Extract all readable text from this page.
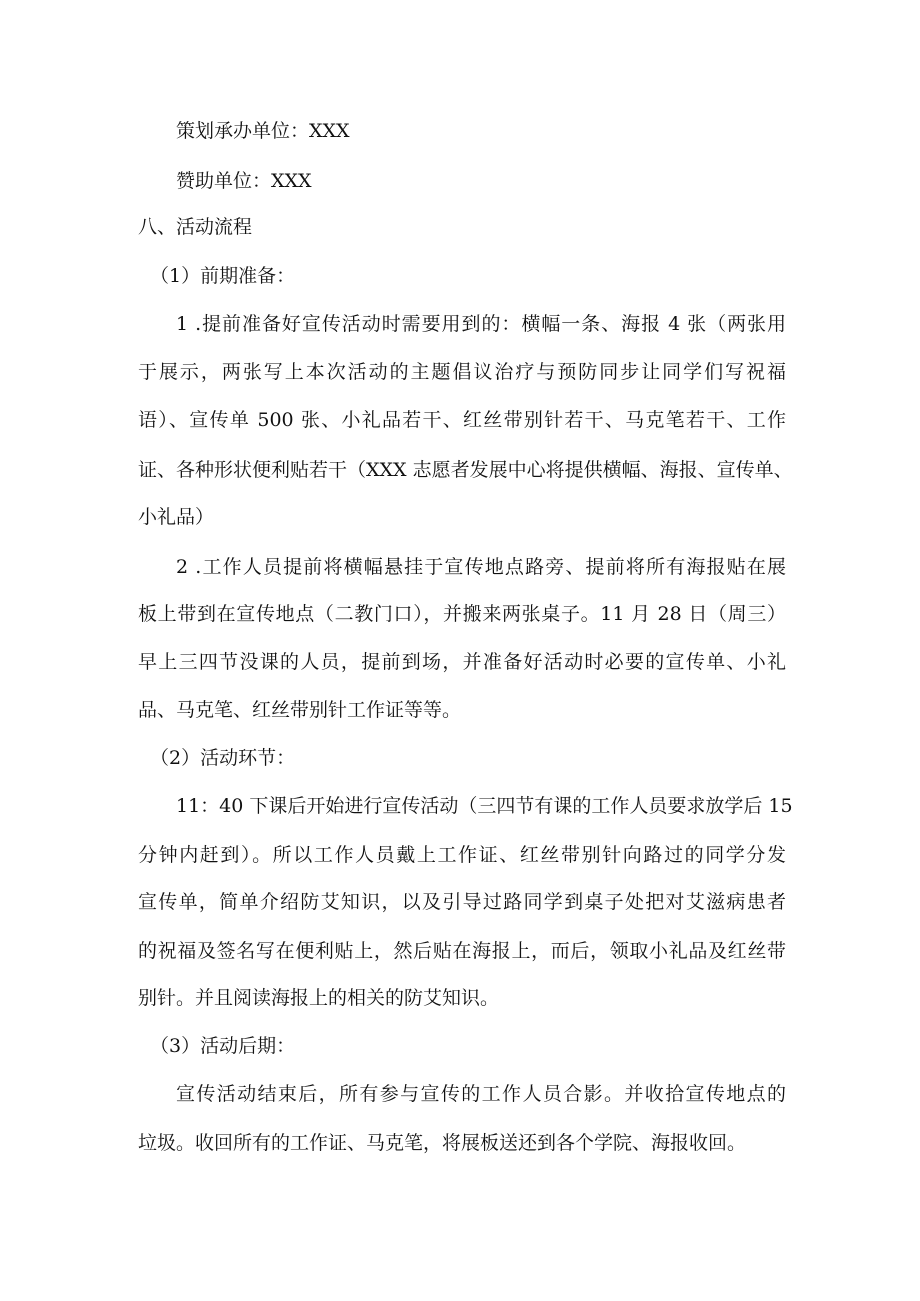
策划承办单位：XXX
赞助单位：XXX
八、活动流程
（1）前期准备：
1 .提前准备好宣传活动时需要用到的：横幅一条、海报 4 张（两张用
于展示，两张写上本次活动的主题倡议治疗与预防同步让同学们写祝福
语）、宣传单 500 张、小礼品若干、红丝带别针若干、马克笔若干、工作
证、各种形状便利贴若干（XXX 志愿者发展中心将提供横幅、海报、宣传单、
小礼品）
2 .工作人员提前将横幅悬挂于宣传地点路旁、提前将所有海报贴在展
板上带到在宣传地点（二教门口），并搬来两张桌子。11 月 28 日（周三）
早上三四节没课的人员，提前到场，并准备好活动时必要的宣传单、小礼
品、马克笔、红丝带别针工作证等等。
（2）活动环节：
11：40 下课后开始进行宣传活动（三四节有课的工作人员要求放学后 15
分钟内赶到）。所以工作人员戴上工作证、红丝带别针向路过的同学分发
宣传单，简单介绍防艾知识，以及引导过路同学到桌子处把对艾滋病患者
的祝福及签名写在便利贴上，然后贴在海报上，而后，领取小礼品及红丝带
别针。并且阅读海报上的相关的防艾知识。
（3）活动后期：
宣传活动结束后，所有参与宣传的工作人员合影。并收拾宣传地点的
垃圾。收回所有的工作证、马克笔，将展板送还到各个学院、海报收回。
